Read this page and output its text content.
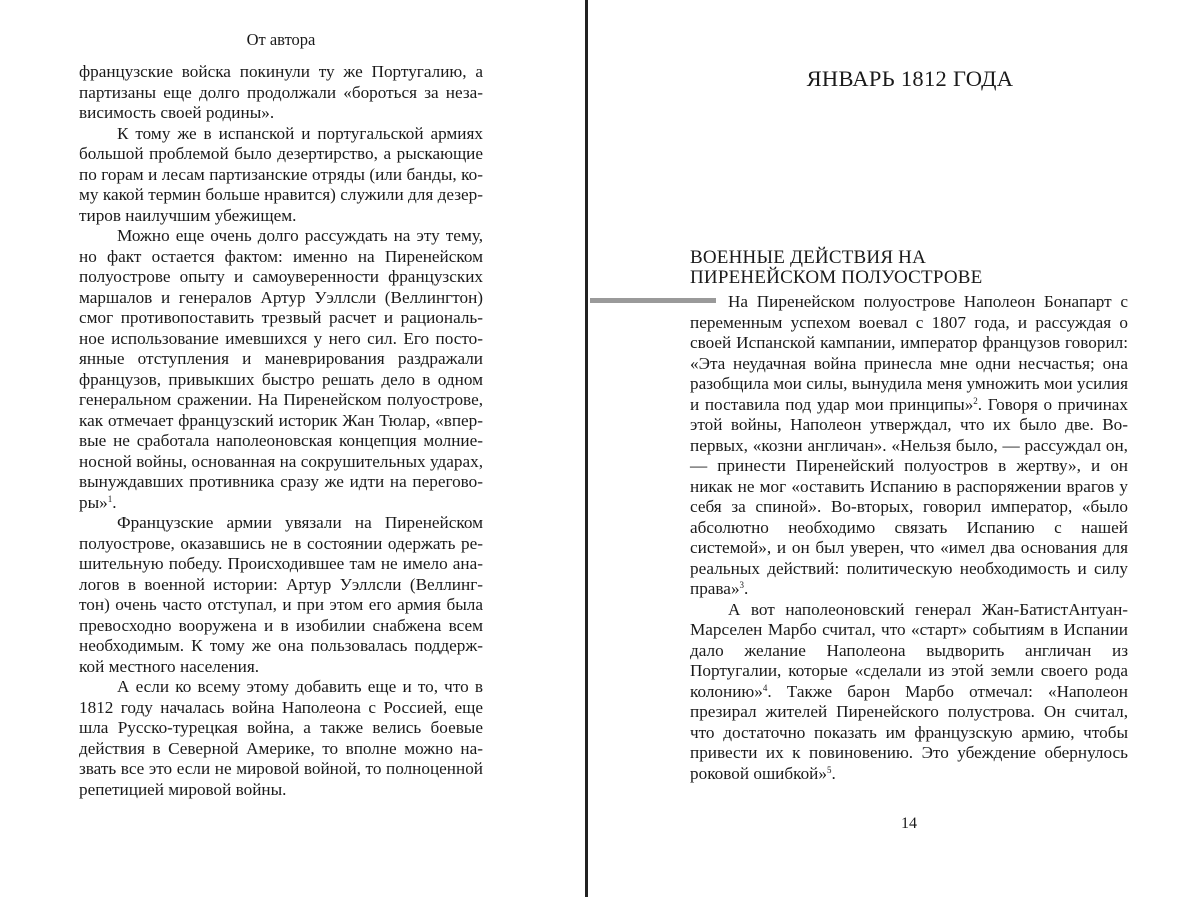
От автора

французские войска покинули ту же Португалию, а партизаны еще долго продолжали «бороться за независимость своей родины».

К тому же в испанской и португальской армиях большой проблемой было дезертирство, а рыскающие по горам и лесам партизанские отряды (или банды, кому какой термин больше нравится) служили для дезертиров наилучшим убежищем.

Можно еще очень долго рассуждать на эту тему, но факт остается фактом: именно на Пиренейском полуострове опыту и самоуверенности французских маршалов и генералов Артур Уэллсли (Веллингтон) смог противопоставить трезвый расчет и рациональное использование имевшихся у него сил. Его постоянные отступления и маневрирования раздражали французов, привыкших быстро решать дело в одном генеральном сражении. На Пиренейском полуострове, как отмечает французский историк Жан Тюлар, «впервые не сработала наполеоновская концепция молниеносной войны, основанная на сокрушительных ударах, вынуждавших противника сразу же идти на переговоры»$^1$.

Французские армии увязали на Пиренейском полуострове, оказавшись не в состоянии одержать решительную победу. Происходившее там не имело аналогов в военной истории: Артур Уэллсли (Веллингтон) очень часто отступал, и при этом его армия была превосходно вооружена и в изобилии снабжена всем необходимым. К тому же она пользовалась поддержкой местного населения.

А если ко всему этому добавить еще и то, что в 1812 году началась война Наполеона с Россией, еще шла Русско-турецкая война, а также велись боевые действия в Северной Америке, то вполне можно назвать все это если не мировой войной, то полноценной репетицией мировой войны.

ЯНВАРЬ 1812 ГОДА
ВОЕННЫЕ ДЕЙСТВИЯ НА
ПИРЕНЕЙСКОМ ПОЛУОСТРОВЕ

На Пиренейском полуострове Наполеон Бонапарт с переменным успехом воевал с 1807 года, и рассуждая о своей Испанской кампании, император французов говорил: «Эта неудачная война принесла мне одни несчастья; она разобщила мои силы, вынудила меня умножить мои усилия и поставила под удар мои принципы»$^2$. Говоря о причинах этой войны, Наполеон утверждал, что их было две. Во-первых, «козни англичан». «Нельзя было, — рассуждал он, — принести Пиренейский полуостров в жертву», и он никак не мог «оставить Испанию в распоряжении врагов у себя за спиной». Во-вторых, говорил император, «было абсолютно необходимо связать Испанию с нашей системой», и он был уверен, что «имел два основания для реальных действий: политическую необходимость и силу права»$^3$.

А вот наполеоновский генерал Жан-БатистАнтуан-Марселен Марбо считал, что «старт» событиям в Испании дало желание Наполеона выдворить англичан из Португалии, которые «сделали из этой земли своего рода колонию»$^4$. Также барон Марбо отмечал: «Наполеон презирал жителей Пиренейского полустрова. Он считал, что достаточно показать им французскую армию, чтобы привести их к повиновению. Это убеждение обернулось роковой ошибкой»$^5$.

14
